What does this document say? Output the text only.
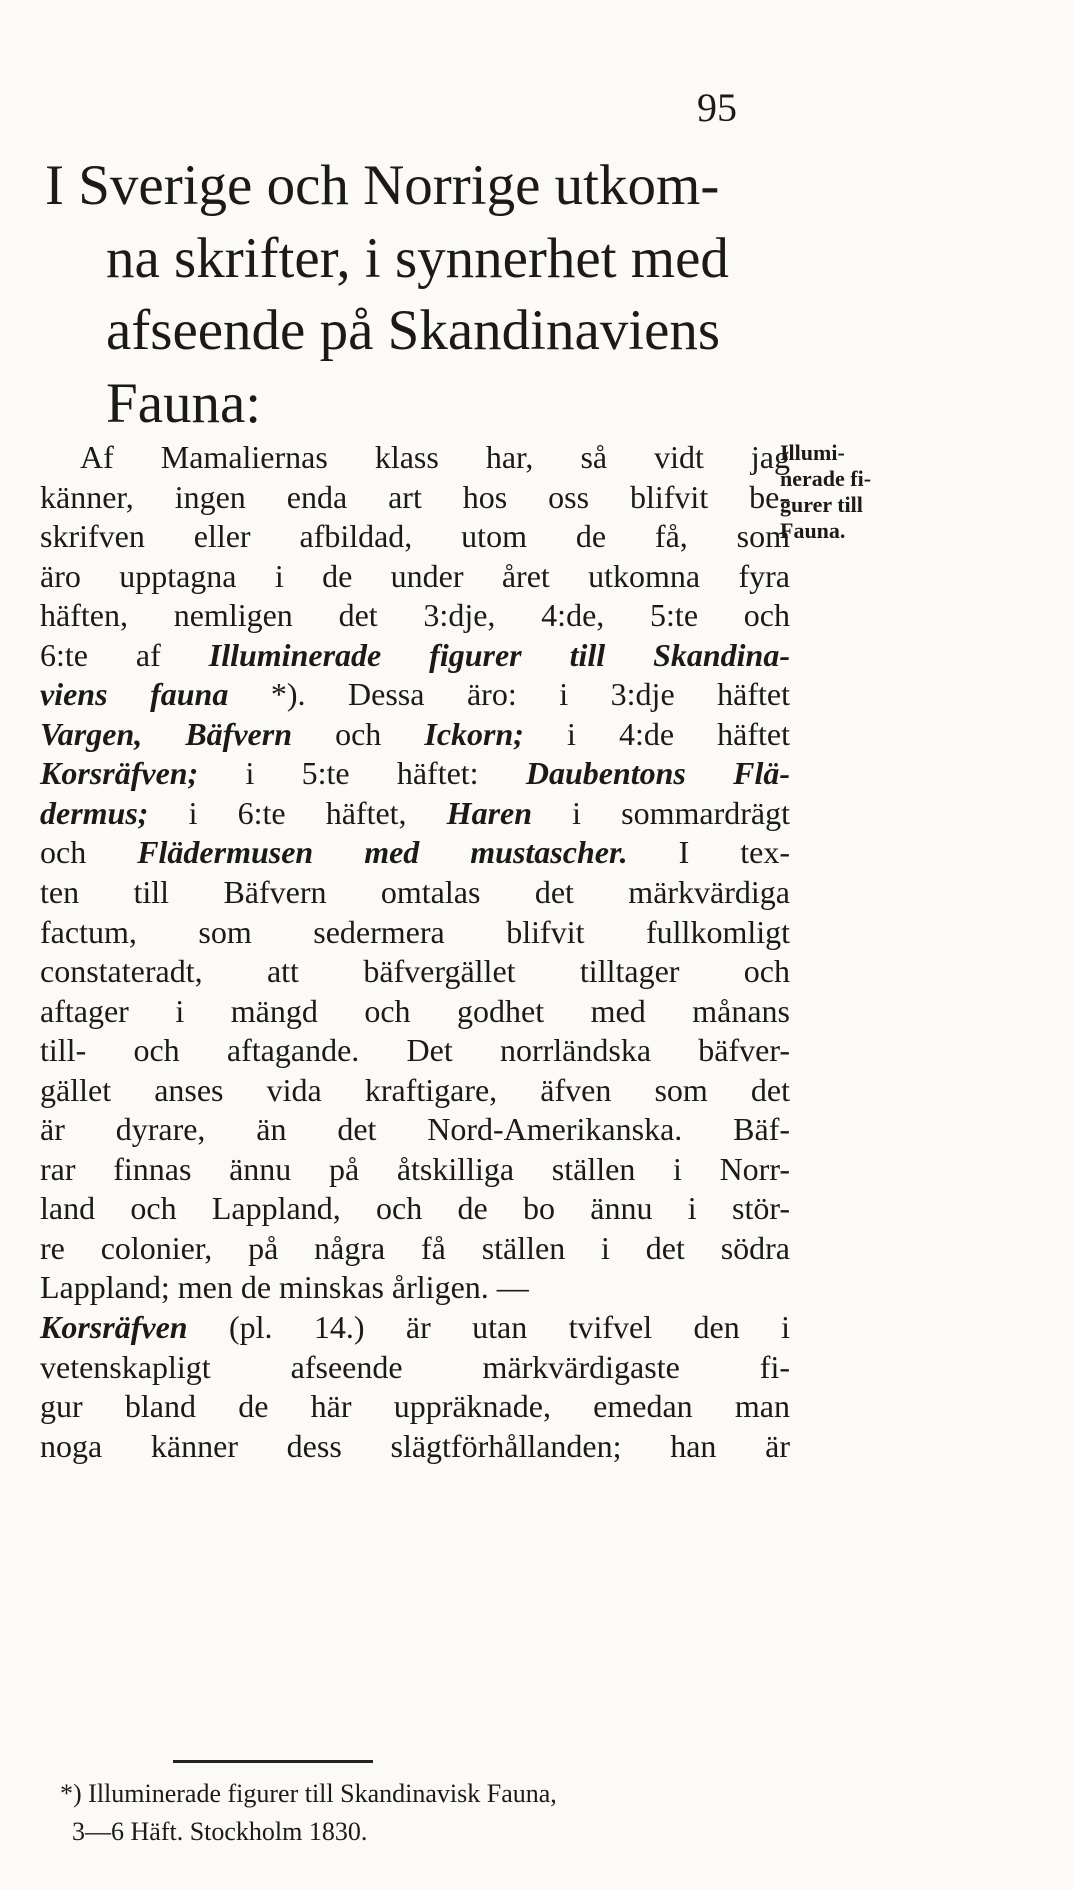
95
I Sverige och Norrige utkom-
na skrifter, i synnerhet med
afseende på Skandinaviens
Fauna:
Illumi-
nerade fi-
gurer till
Fauna.
Af Mamaliernas klass har, så vidt jag
känner, ingen enda art hos oss blifvit be-
skrifven eller afbildad, utom de få, som
äro upptagna i de under året utkomna fyra
häften, nemligen det 3:dje, 4:de, 5:te och
6:te af Illuminerade figurer till Skandina-
viens fauna *). Dessa äro: i 3:dje häftet
Vargen, Bäfvern och Ickorn; i 4:de häftet
Korsräfven; i 5:te häftet: Daubentons Flä-
dermus; i 6:te häftet, Haren i sommardrägt
och Flädermusen med mustascher. I tex-
ten till Bäfvern omtalas det märkvärdiga
factum, som sedermera blifvit fullkomligt
constateradt, att bäfvergället tilltager och
aftager i mängd och godhet med månans
till- och aftagande. Det norrländska bäfver-
gället anses vida kraftigare, äfven som det
är dyrare, än det Nord-Amerikanska. Bäf-
rar finnas ännu på åtskilliga ställen i Norr-
land och Lappland, och de bo ännu i stör-
re colonier, på några få ställen i det södra
Lappland; men de minskas årligen. —
Korsräfven (pl. 14.) är utan tvifvel den i
vetenskapligt afseende märkvärdigaste fi-
gur bland de här uppräknade, emedan man
noga känner dess slägtförhållanden; han är
*) Illuminerade figurer till Skandinavisk Fauna,
3—6 Häft. Stockholm 1830.
